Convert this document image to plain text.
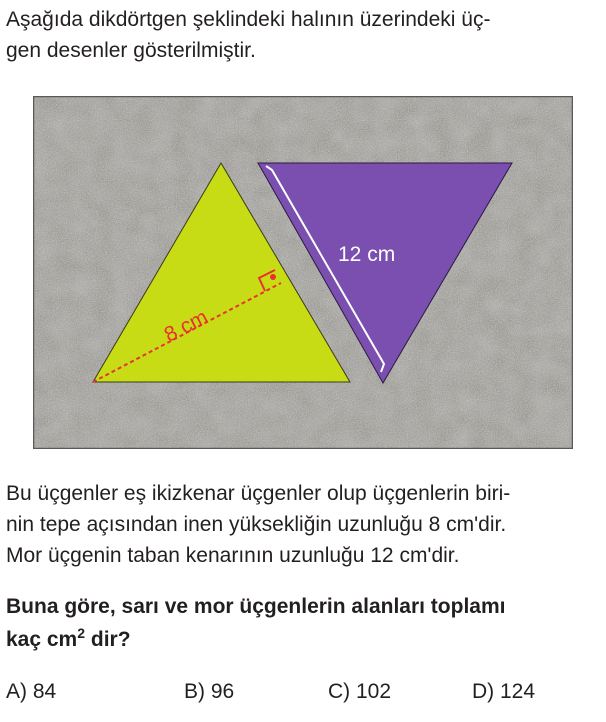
Aşağıda dikdörtgen şeklindeki halının üzerindeki üç-
gen desenler gösterilmiştir.

8 cm
12 cm

Bu üçgenler eş ikizkenar üçgenler olup üçgenlerin biri-
nin tepe açısından inen yüksekliğin uzunluğu 8 cm'dir.
Mor üçgenin taban kenarının uzunluğu 12 cm'dir.

Buna göre, sarı ve mor üçgenlerin alanları toplamı
kaç $cm^2$ dir?

A) 84	B) 96	C) 102	D) 124
